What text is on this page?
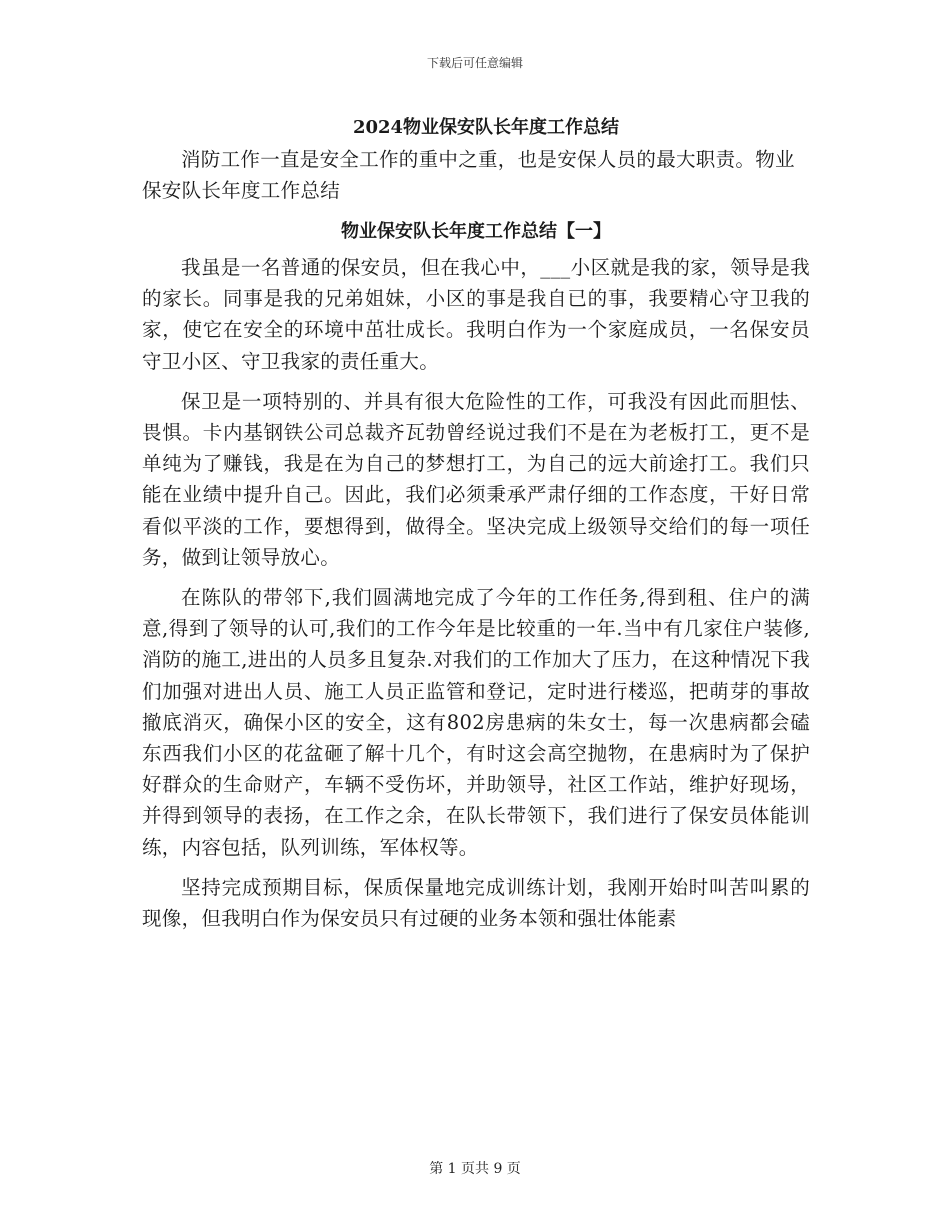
下载后可任意编辑
2024物业保安队长年度工作总结

消防工作一直是安全工作的重中之重，也是安保人员的最大职责。物业保安队长年度工作总结

物业保安队长年度工作总结【一】

我虽是一名普通的保安员，但在我心中，___小区就是我的家，领导是我的家长。同事是我的兄弟姐妹，小区的事是我自已的事，我要精心守卫我的家，使它在安全的环境中茁壮成长。我明白作为一个家庭成员，一名保安员守卫小区、守卫我家的责任重大。

保卫是一项特别的、并具有很大危险性的工作，可我没有因此而胆怯、畏惧。卡内基钢铁公司总裁齐瓦勃曾经说过我们不是在为老板打工，更不是单纯为了赚钱，我是在为自己的梦想打工，为自己的远大前途打工。我们只能在业绩中提升自己。因此，我们必须秉承严肃仔细的工作态度，干好日常看似平淡的工作，要想得到，做得全。坚决完成上级领导交给们的每一项任务，做到让领导放心。

在陈队的带邻下,我们圆满地完成了今年的工作任务,得到租、住户的满意,得到了领导的认可,我们的工作今年是比较重的一年.当中有几家住户装修,消防的施工,进出的人员多且复杂.对我们的工作加大了压力，在这种情况下我们加强对进出人员、施工人员正监管和登记，定时进行楼巡，把萌芽的事故撤底消灭，确保小区的安全，这有802房患病的朱女士，每一次患病都会磕东西我们小区的花盆砸了解十几个，有时这会高空抛物，在患病时为了保护好群众的生命财产，车辆不受伤坏，并助领导，社区工作站，维护好现场，并得到领导的表扬，在工作之余，在队长带领下，我们进行了保安员体能训练，内容包括，队列训练，军体权等。

坚持完成预期目标，保质保量地完成训练计划，我刚开始时叫苦叫累的现像，但我明白作为保安员只有过硬的业务本领和强壮体能素

第 1 页共 9 页
